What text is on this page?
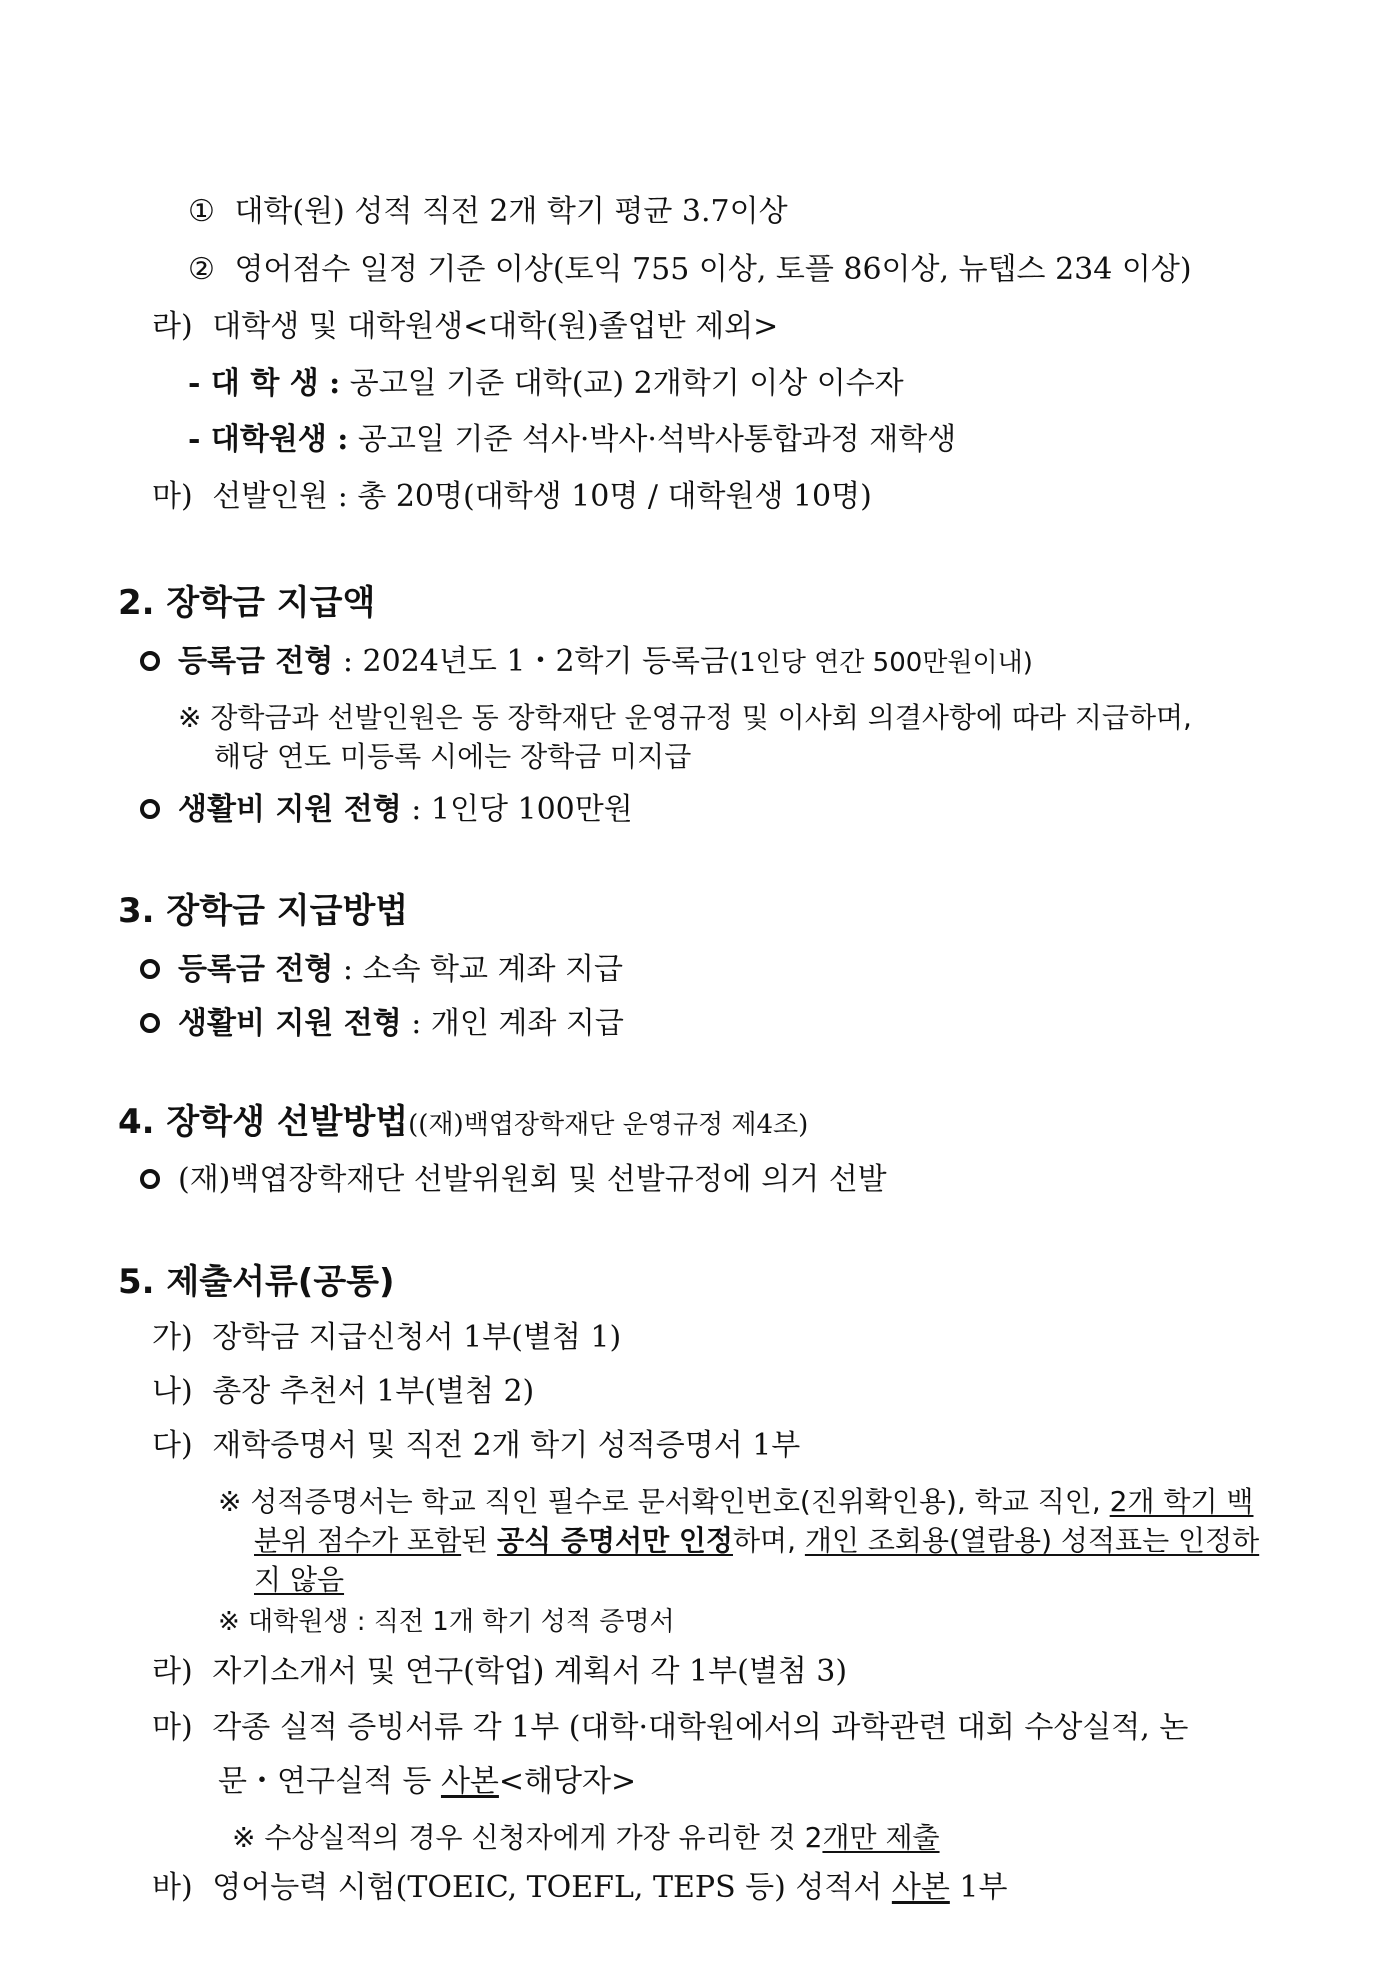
① 대학(원) 성적 직전 2개 학기 평균 3.7이상
② 영어점수 일정 기준 이상(토익 755 이상, 토플 86이상, 뉴텝스 234 이상)
라) 대학생 및 대학원생<대학(원)졸업반 제외>
- 대 학 생 : 공고일 기준 대학(교) 2개학기 이상 이수자
- 대학원생 : 공고일 기준 석사·박사·석박사통합과정 재학생
마) 선발인원 : 총 20명(대학생 10명 / 대학원생 10명)
2. 장학금 지급액
등록금 전형 : 2024년도 1・2학기 등록금(1인당 연간 500만원이내)
※ 장학금과 선발인원은 동 장학재단 운영규정 및 이사회 의결사항에 따라 지급하며,
해당 연도 미등록 시에는 장학금 미지급
생활비 지원 전형 : 1인당 100만원
3. 장학금 지급방법
등록금 전형 : 소속 학교 계좌 지급
생활비 지원 전형 : 개인 계좌 지급
4. 장학생 선발방법((재)백엽장학재단 운영규정 제4조)
(재)백엽장학재단 선발위원회 및 선발규정에 의거 선발
5. 제출서류(공통)
가) 장학금 지급신청서 1부(별첨 1)
나) 총장 추천서 1부(별첨 2)
다) 재학증명서 및 직전 2개 학기 성적증명서 1부
※ 성적증명서는 학교 직인 필수로 문서확인번호(진위확인용), 학교 직인, 2개 학기 백
분위 점수가 포함된 공식 증명서만 인정하며, 개인 조회용(열람용) 성적표는 인정하
지 않음
※ 대학원생 : 직전 1개 학기 성적 증명서
라) 자기소개서 및 연구(학업) 계획서 각 1부(별첨 3)
마) 각종 실적 증빙서류 각 1부 (대학·대학원에서의 과학관련 대회 수상실적, 논
문・연구실적 등 사본<해당자>
※ 수상실적의 경우 신청자에게 가장 유리한 것 2개만 제출
바) 영어능력 시험(TOEIC, TOEFL, TEPS 등) 성적서 사본 1부
